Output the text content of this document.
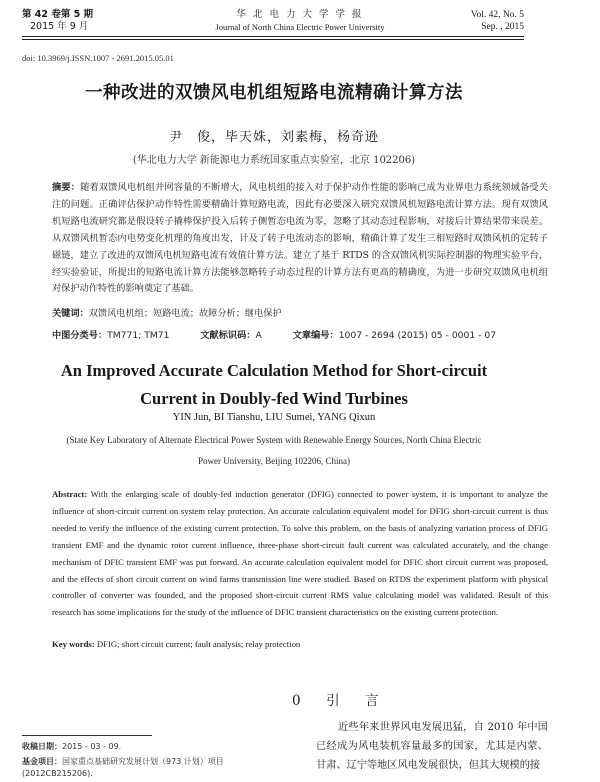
第 42 卷第 5 期
2015 年 9 月
华 北 电 力 大 学 学 报
Journal of North China Electric Power University
Vol. 42, No. 5
Sep. , 2015
doi: 10.3969/j.ISSN.1007 - 2691.2015.05.01
一种改进的双馈风电机组短路电流精确计算方法
尹　俊，毕天姝，刘素梅，杨奇逊
(华北电力大学 新能源电力系统国家重点实验室，北京 102206)
摘要：随着双馈风电机组并网容量的不断增大，风电机组的接入对于保护动作性能的影响已成为业界电力系统领域备受关注的问题。正确评估保护动作特性需要精确计算短路电流，因此有必要深入研究双馈风机短路电流计算方法。现有双馈风机短路电流研究都是假设转子撬棒保护投入后转子侧暂态电流为零，忽略了其动态过程影响，对接后计算结果带来误差。从双馈风机暂态内电势变化机理的角度出发，计及了转子电流动态的影响，精确计算了发生三相短路时双馈风机的定转子磁链，建立了改进的双馈风电机短路电流有效值计算方法。建立了基于 RTDS 的含双馈风机实际控制器的物理实验平台，经实验验证，所提出的短路电流计算方法能够忽略转子动态过程的计算方法有更高的精确度，为进一步研究双馈风电机组对保护动作特性的影响奠定了基础。
关键词：双馈风电机组；短路电流；故障分析；继电保护
中图分类号：TM771; TM71	文献标识码：A	文章编号：1007 - 2694 (2015) 05 - 0001 - 07
An Improved Accurate Calculation Method for Short-circuit
Current in Doubly-fed Wind Turbines
YIN Jun, BI Tianshu, LIU Sumei, YANG Qixun
(State Key Laboratory of Alternate Electrical Power System with Renewable Energy Sources, North China Electric Power University, Beijing 102206, China)
Abstract: With the enlarging scale of doubly-fed induction generator (DFIG) connected to power system, it is important to analyze the influence of short-circuit current on system relay protection. An accurate calculation equivalent model for DFIG short-circuit current is thus needed to verify the influence of the existing current protection. To solve this problem, on the basis of analyzing variation process of DFIG transient EMF and the dynamic rotor current influence, three-phase short-circuit fault current was calculated accurately, and the change mechanism of DFIC transient EMF was put forward. An accurate calculation equivalent model for DFIC short circuit current was proposed, and the effects of short circuit current on wind farms transmission line were studied. Based on RTDS the experiment platform with physical controller of converter was founded, and the proposed short-circuit current RMS value calculating model was validated. Result of this research has some implications for the study of the influence of DFIC transient characteristics on the existing current protection.
Key words: DFIG; short circuit current; fault analysis; relay protection
0　引　言
近些年来世界风电发展迅猛，自 2010 年中国已经成为风电装机容量最多的国家，尤其是内蒙、甘肃、辽宁等地区风电发展很快，但其大规模的接
收稿日期：2015 - 03 - 09.
基金项目：国家重点基础研究发展计划（973 计划）项目 (2012CB215206).
